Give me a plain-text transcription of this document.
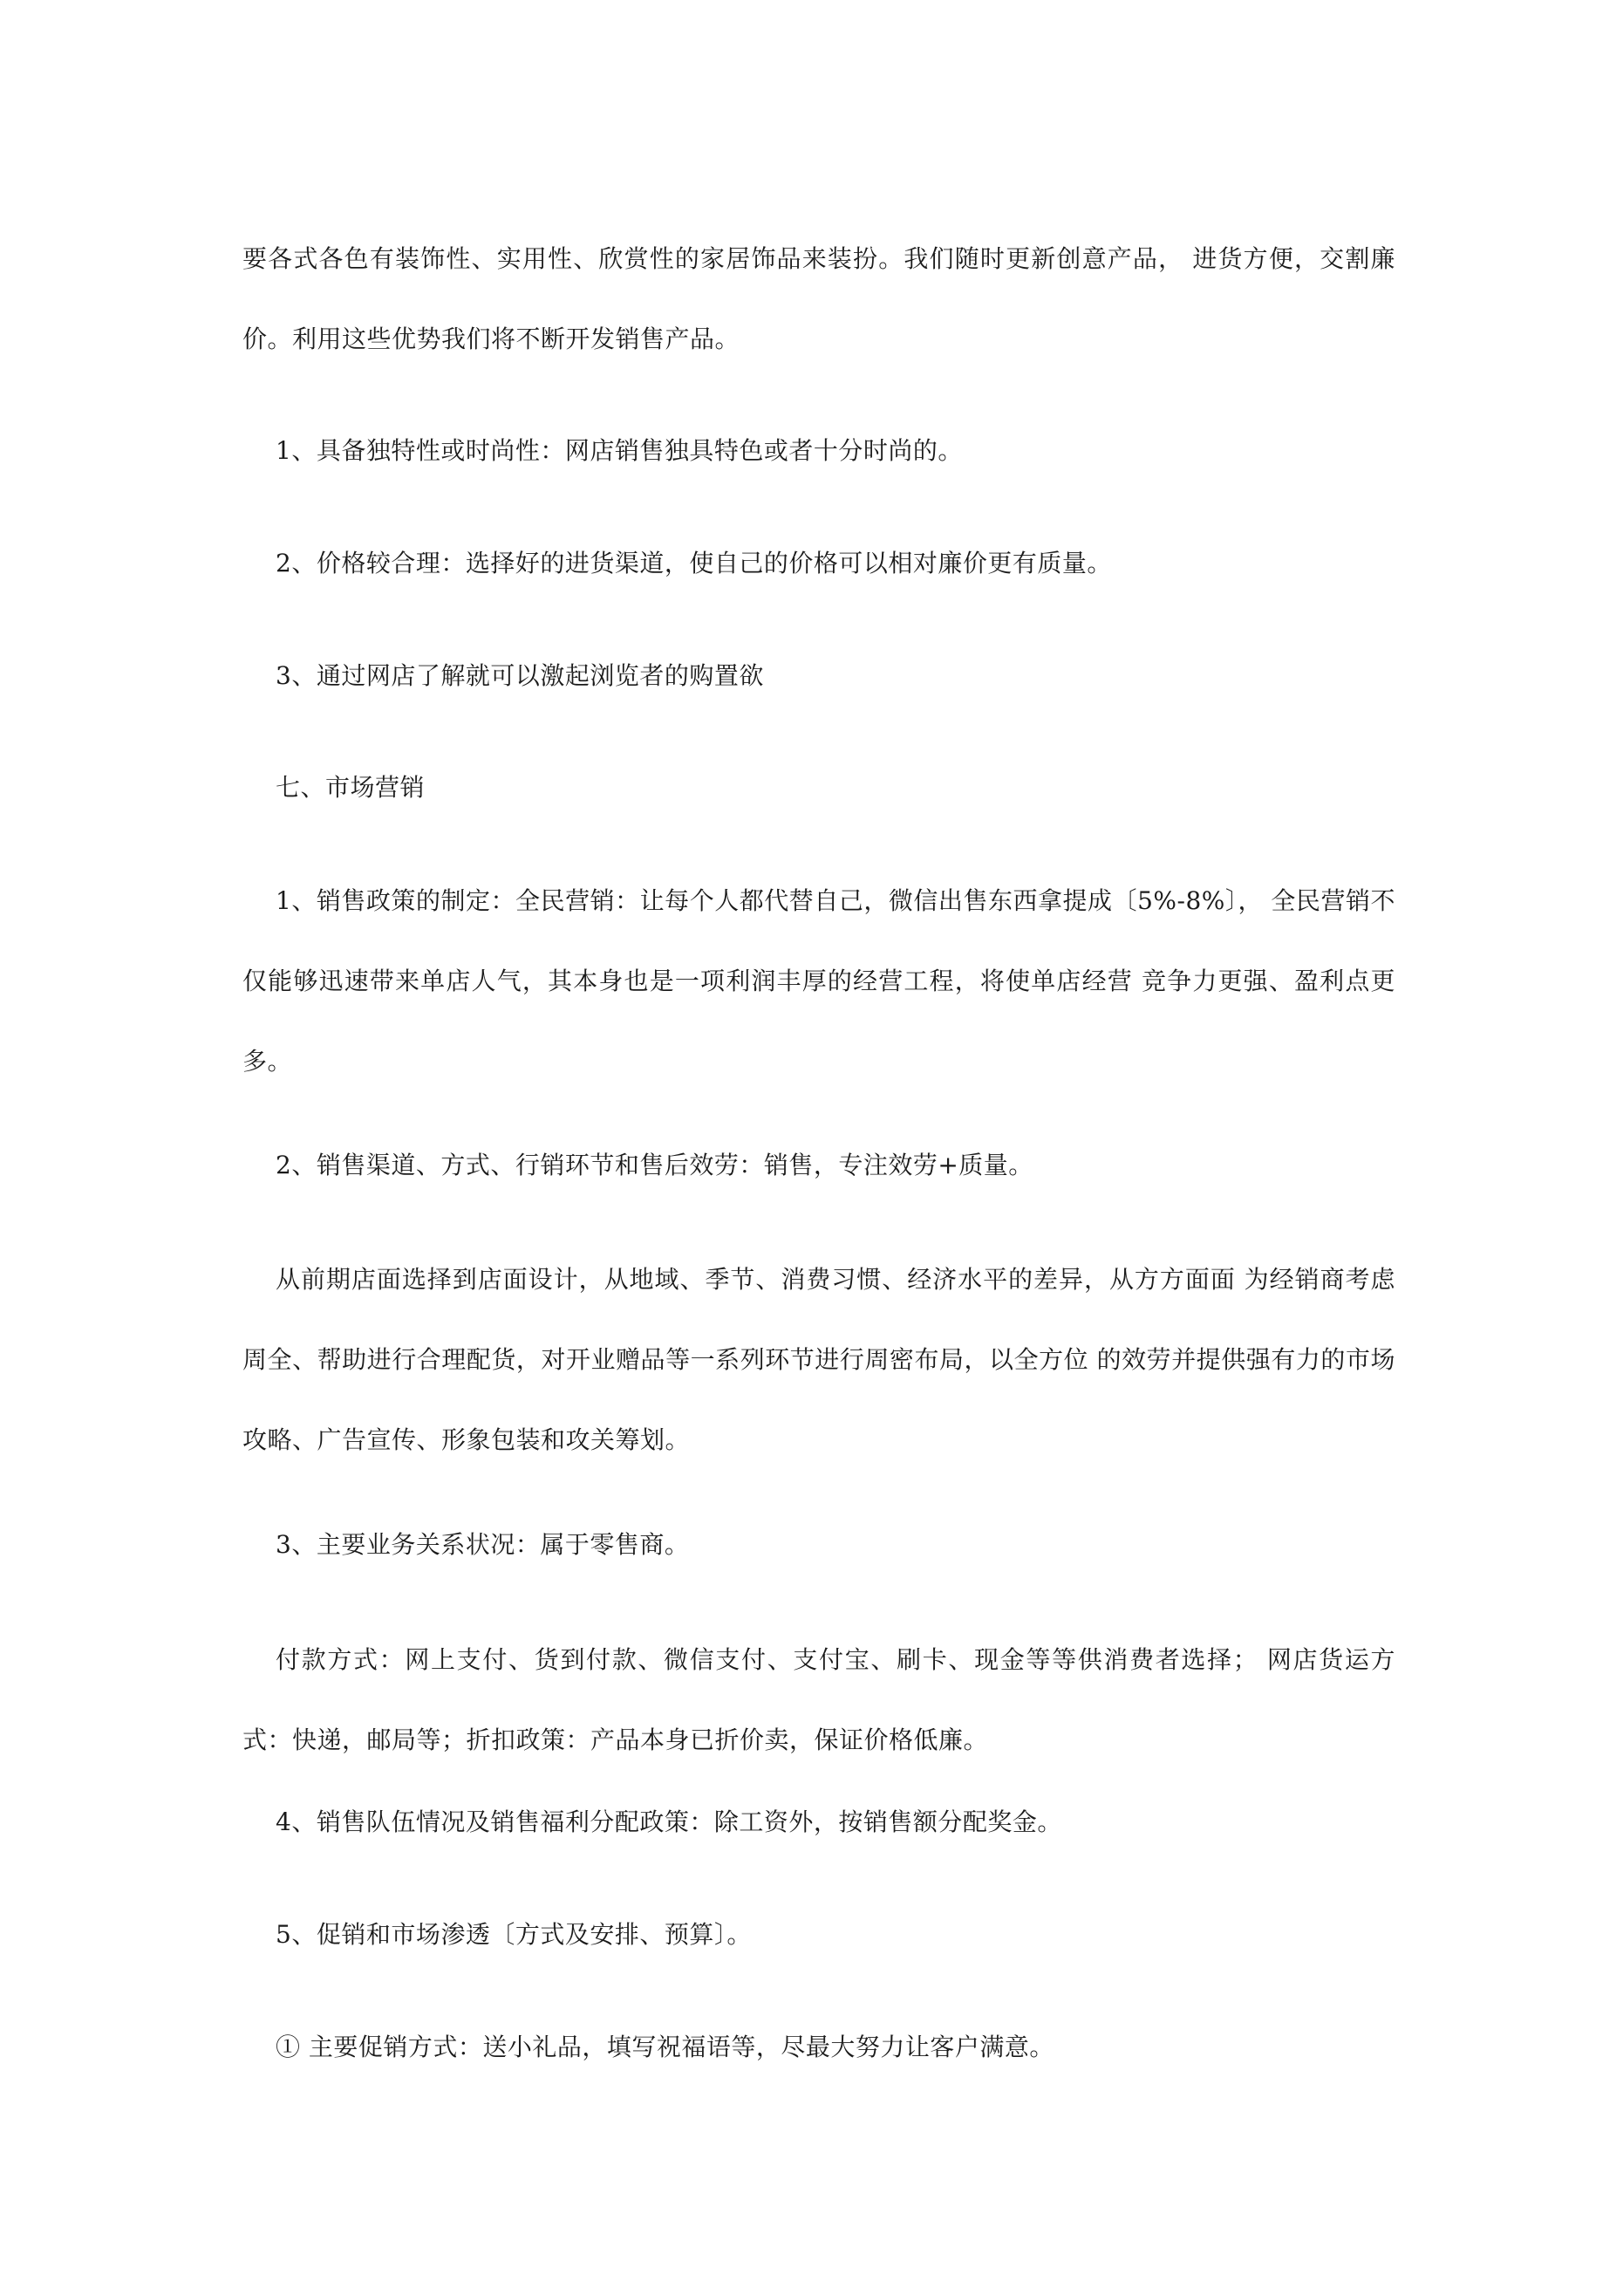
要各式各色有装饰性、实用性、欣赏性的家居饰品来装扮。我们随时更新创意产品， 进货方便，交割廉价。利用这些优势我们将不断开发销售产品。

1、具备独特性或时尚性：网店销售独具特色或者十分时尚的。

2、价格较合理：选择好的进货渠道，使自己的价格可以相对廉价更有质量。

3、通过网店了解就可以激起浏览者的购置欲

七、市场营销

1、销售政策的制定：全民营销：让每个人都代替自己，微信出售东西拿提成〔5%-8%〕， 全民营销不仅能够迅速带来单店人气，其本身也是一项利润丰厚的经营工程，将使单店经营 竞争力更强、盈利点更多。

2、销售渠道、方式、行销环节和售后效劳：销售，专注效劳+质量。

从前期店面选择到店面设计，从地域、季节、消费习惯、经济水平的差异，从方方面面 为经销商考虑周全、帮助进行合理配货，对开业赠品等一系列环节进行周密布局，以全方位 的效劳并提供强有力的市场攻略、广告宣传、形象包装和攻关筹划。

3、主要业务关系状况：属于零售商。

付款方式：网上支付、货到付款、微信支付、支付宝、刷卡、现金等等供消费者选择； 网店货运方式：快递，邮局等；折扣政策：产品本身已折价卖，保证价格低廉。

4、销售队伍情况及销售福利分配政策：除工资外，按销售额分配奖金。

5、促销和市场渗透〔方式及安排、预算〕。

① 主要促销方式：送小礼品，填写祝福语等，尽最大努力让客户满意。
